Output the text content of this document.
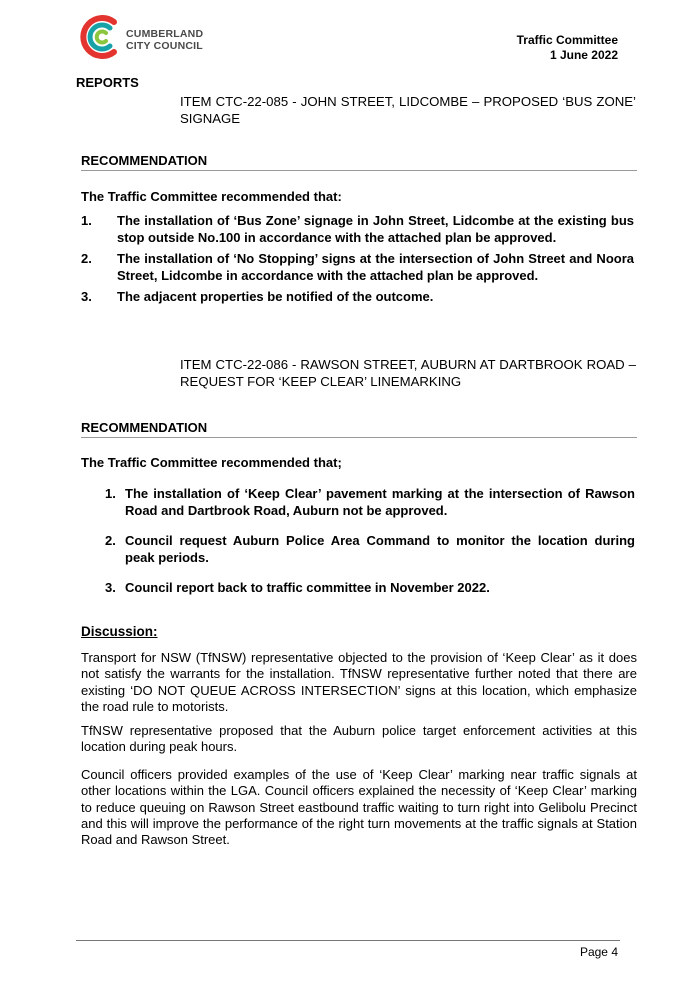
CUMBERLAND
CITY COUNCIL	Traffic Committee
1 June 2022
REPORTS
ITEM CTC-22-085 - JOHN STREET, LIDCOMBE – PROPOSED ‘BUS ZONE’ SIGNAGE
RECOMMENDATION
The Traffic Committee recommended that:
1. The installation of ‘Bus Zone’ signage in John Street, Lidcombe at the existing bus stop outside No.100 in accordance with the attached plan be approved.
2. The installation of ‘No Stopping’ signs at the intersection of John Street and Noora Street, Lidcombe in accordance with the attached plan be approved.
3. The adjacent properties be notified of the outcome.
ITEM CTC-22-086 - RAWSON STREET, AUBURN AT DARTBROOK ROAD – REQUEST FOR ‘KEEP CLEAR’ LINEMARKING
RECOMMENDATION
The Traffic Committee recommended that;
1. The installation of ‘Keep Clear’ pavement marking at the intersection of Rawson Road and Dartbrook Road, Auburn not be approved.
2. Council request Auburn Police Area Command to monitor the location during peak periods.
3. Council report back to traffic committee in November 2022.
Discussion:
Transport for NSW (TfNSW) representative objected to the provision of ‘Keep Clear’ as it does not satisfy the warrants for the installation. TfNSW representative further noted that there are existing ‘DO NOT QUEUE ACROSS INTERSECTION’ signs at this location, which emphasize the road rule to motorists.
TfNSW representative proposed that the Auburn police target enforcement activities at this location during peak hours.
Council officers provided examples of the use of ‘Keep Clear’ marking near traffic signals at other locations within the LGA. Council officers explained the necessity of ‘Keep Clear’ marking to reduce queuing on Rawson Street eastbound traffic waiting to turn right into Gelibolu Precinct and this will improve the performance of the right turn movements at the traffic signals at Station Road and Rawson Street.
Page 4
